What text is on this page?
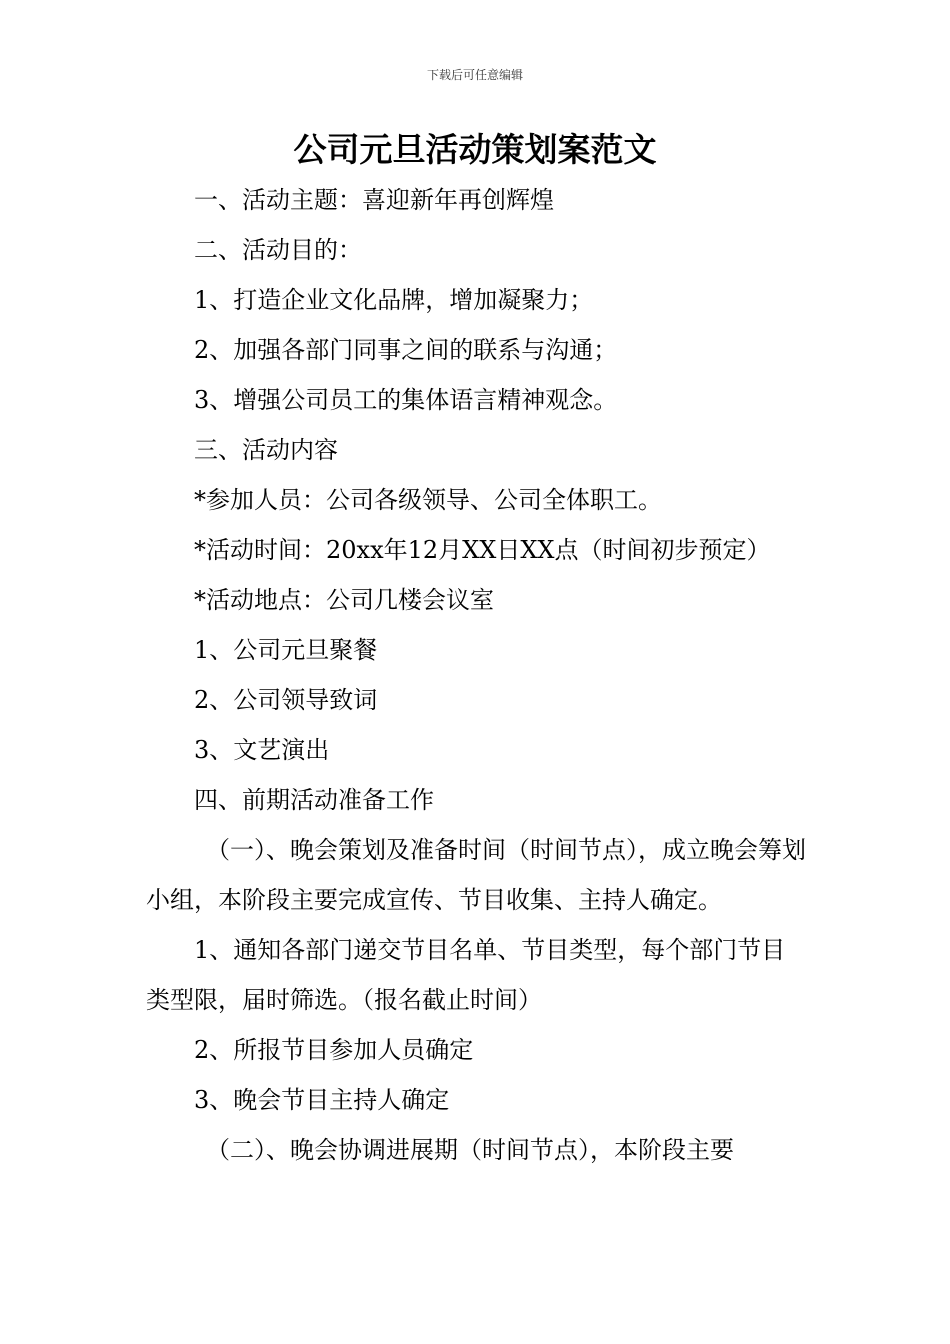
下载后可任意编辑
公司元旦活动策划案范文

一、活动主题：喜迎新年再创辉煌

二、活动目的：

1、打造企业文化品牌，增加凝聚力；

2、加强各部门同事之间的联系与沟通；

3、增强公司员工的集体语言精神观念。

三、活动内容

*参加人员：公司各级领导、公司全体职工。

*活动时间：20xx年12月XX日XX点（时间初步预定）

*活动地点：公司几楼会议室

1、公司元旦聚餐

2、公司领导致词

3、文艺演出

四、前期活动准备工作

（一）、晚会策划及准备时间（时间节点），成立晚会筹划小组，本阶段主要完成宣传、节目收集、主持人确定。

1、通知各部门递交节目名单、节目类型，每个部门节目类型限，届时筛选。（报名截止时间）

2、所报节目参加人员确定

3、晚会节目主持人确定

（二）、晚会协调进展期（时间节点），本阶段主要
